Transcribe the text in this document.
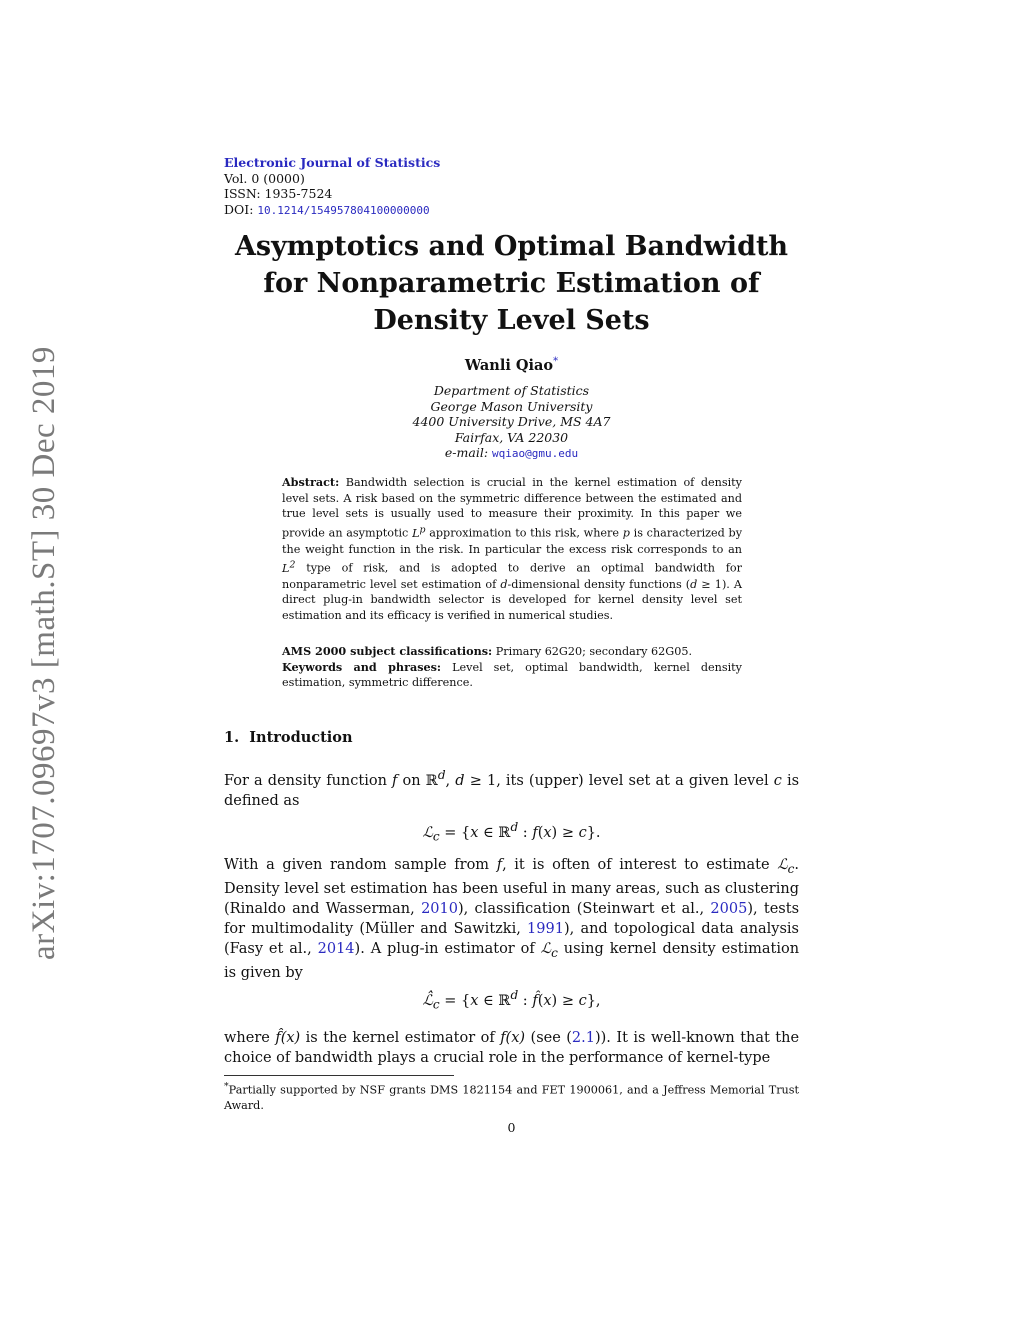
arXiv:1707.09697v3 [math.ST] 30 Dec 2019
Electronic Journal of Statistics
Vol. 0 (0000)
ISSN: 1935-7524
DOI: 10.1214/154957804100000000
Asymptotics and Optimal Bandwidth
for Nonparametric Estimation of
Density Level Sets
Wanli Qiao*
Department of Statistics
George Mason University
4400 University Drive, MS 4A7
Fairfax, VA 22030
e-mail: wqiao@gmu.edu
Abstract: Bandwidth selection is crucial in the kernel estimation of density level sets. A risk based on the symmetric difference between the estimated and true level sets is usually used to measure their proximity. In this paper we provide an asymptotic $L^p$ approximation to this risk, where p is characterized by the weight function in the risk. In particular the excess risk corresponds to an $L^2$ type of risk, and is adopted to derive an optimal bandwidth for nonparametric level set estimation of d-dimensional density functions (d ≥ 1). A direct plug-in bandwidth selector is developed for kernel density level set estimation and its efficacy is verified in numerical studies.
AMS 2000 subject classifications: Primary 62G20; secondary 62G05.
Keywords and phrases: Level set, optimal bandwidth, kernel density estimation, symmetric difference.
1. Introduction
For a density function f on ℝ$^d$, d ≥ 1, its (upper) level set at a given level c is defined as
ℒ$_c$ = {x ∈ ℝ$^d$ : f(x) ≥ c}.
With a given random sample from f, it is often of interest to estimate ℒ$_c$. Density level set estimation has been useful in many areas, such as clustering (Rinaldo and Wasserman, 2010), classification (Steinwart et al., 2005), tests for multimodality (Müller and Sawitzki, 1991), and topological data analysis (Fasy et al., 2014). A plug-in estimator of ℒ$_c$ using kernel density estimation is given by
$ℒ̂_c = \{x$ ∈ ℝ$^d$ : f̂(x) ≥ c},
where f̂(x) is the kernel estimator of f(x) (see (2.1)). It is well-known that the choice of bandwidth plays a crucial role in the performance of kernel-type
*Partially supported by NSF grants DMS 1821154 and FET 1900061, and a Jeffress Memorial Trust Award.
0
